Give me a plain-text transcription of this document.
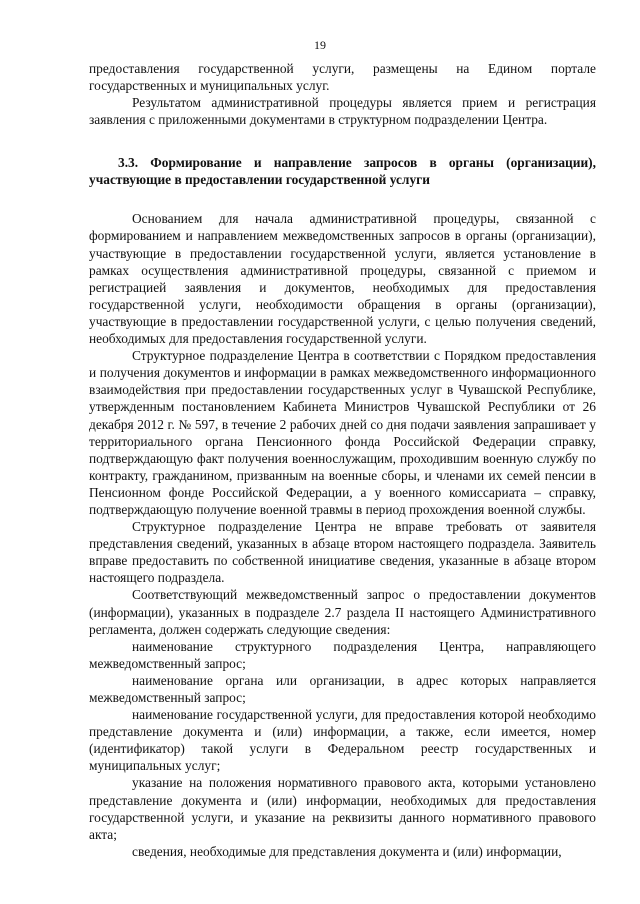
19

предоставления государственной услуги, размещены на Едином портале государственных и муниципальных услуг.

Результатом административной процедуры является прием и регистрация заявления с приложенными документами в структурном подразделении Центра.

3.3. Формирование и направление запросов в органы (организации), участвующие в предоставлении государственной услуги

Основанием для начала административной процедуры, связанной с формированием и направлением межведомственных запросов в органы (организации), участвующие в предоставлении государственной услуги, является установление в рамках осуществления административной процедуры, связанной с приемом и регистрацией заявления и документов, необходимых для предоставления государственной услуги, необходимости обращения в органы (организации), участвующие в предоставлении государственной услуги, с целью получения сведений, необходимых для предоставления государственной услуги.

Структурное подразделение Центра в соответствии с Порядком предоставления и получения документов и информации в рамках межведомственного информационного взаимодействия при предоставлении государственных услуг в Чувашской Республике, утвержденным постановлением Кабинета Министров Чувашской Республики от 26 декабря 2012 г. № 597, в течение 2 рабочих дней со дня подачи заявления запрашивает у территориального органа Пенсионного фонда Российской Федерации справку, подтверждающую факт получения военнослужащим, проходившим военную службу по контракту, гражданином, призванным на военные сборы, и членами их семей пенсии в Пенсионном фонде Российской Федерации, а у военного комиссариата – справку, подтверждающую получение военной травмы в период прохождения военной службы.

Структурное подразделение Центра не вправе требовать от заявителя представления сведений, указанных в абзаце втором настоящего подраздела. Заявитель вправе предоставить по собственной инициативе сведения, указанные в абзаце втором настоящего подраздела.

Соответствующий межведомственный запрос о предоставлении документов (информации), указанных в подразделе 2.7 раздела II настоящего Административного регламента, должен содержать следующие сведения:

наименование структурного подразделения Центра, направляющего межведомственный запрос;

наименование органа или организации, в адрес которых направляется межведомственный запрос;

наименование государственной услуги, для предоставления которой необходимо представление документа и (или) информации, а также, если имеется, номер (идентификатор) такой услуги в Федеральном реестр государственных и муниципальных услуг;

указание на положения нормативного правового акта, которыми установлено представление документа и (или) информации, необходимых для предоставления государственной услуги, и указание на реквизиты данного нормативного правового акта;

сведения, необходимые для представления документа и (или) информации,
